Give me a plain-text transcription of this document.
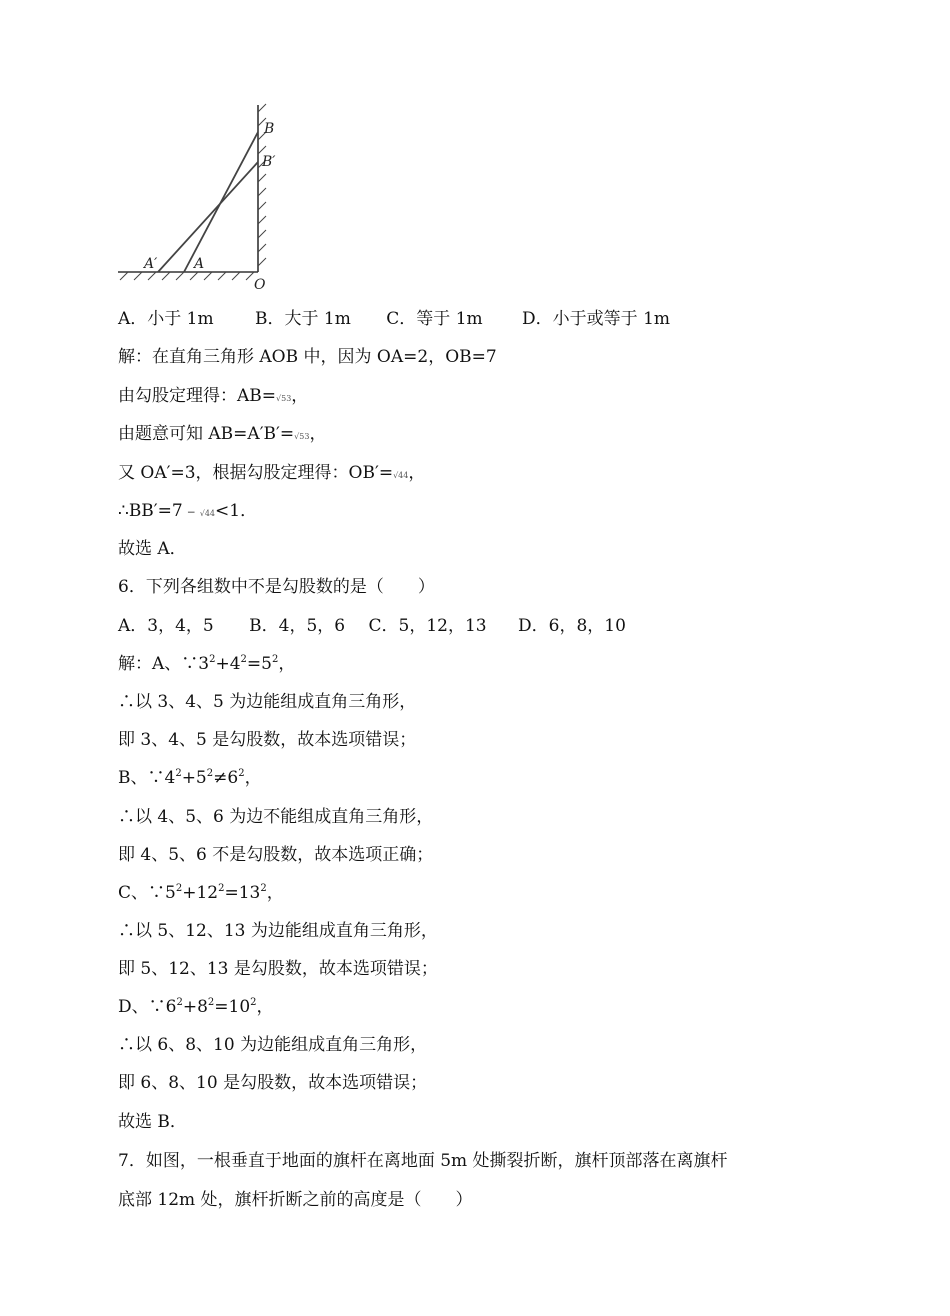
B
B′
A′	A
O
A．小于 1m B．大于 1m C．等于 1m D．小于或等于 1m
解：在直角三角形 AOB 中，因为 OA=2，OB=7
由勾股定理得：AB=√53，
由题意可知 AB=A′B′=√53，
又 OA′=3，根据勾股定理得：OB′=√44，
∴BB′=7﹣√44<1．
故选 A．
6．下列各组数中不是勾股数的是（　　）
A．3，4，5 B．4，5，6 C．5，12，13 D．6，8，10
解：A、$\because 3^2+4^2=5^2$，
∴以 3、4、5 为边能组成直角三角形，
即 3、4、5 是勾股数，故本选项错误；
B、$\because 4^2+5^2\ne 6^2$，
∴以 4、5、6 为边不能组成直角三角形，
即 4、5、6 不是勾股数，故本选项正确；
C、$\because 5^2+12^2=13^2$，
∴以 5、12、13 为边能组成直角三角形，
即 5、12、13 是勾股数，故本选项错误；
D、$\because 6^2+8^2=10^2$，
∴以 6、8、10 为边能组成直角三角形，
即 6、8、10 是勾股数，故本选项错误；
故选 B．
7．如图，一根垂直于地面的旗杆在离地面 5m 处撕裂折断，旗杆顶部落在离旗杆
底部 12m 处，旗杆折断之前的高度是（　　）
